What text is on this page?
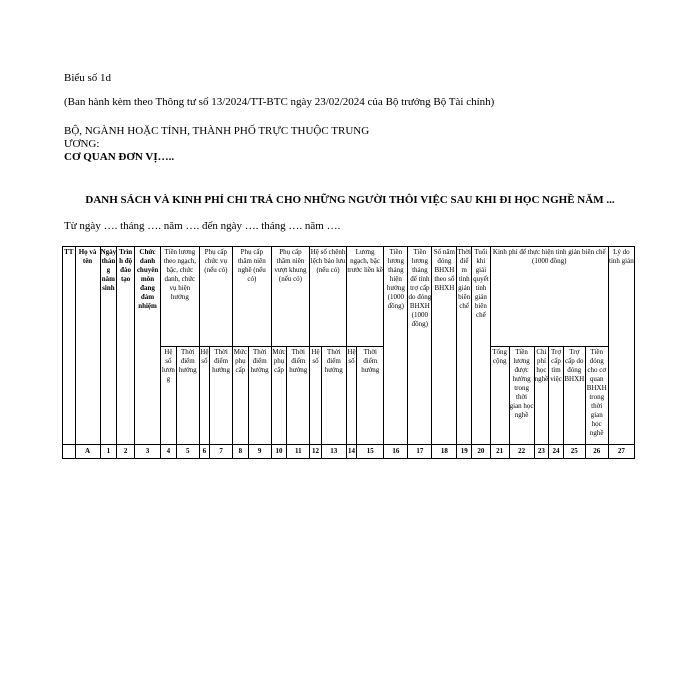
Biểu số 1d
(Ban hành kèm theo Thông tư số 13/2024/TT-BTC ngày 23/02/2024 của Bộ trưởng Bộ Tài chính)
BỘ, NGÀNH HOẶC TỈNH, THÀNH PHỐ TRỰC THUỘC TRUNG
ƯƠNG:
CƠ QUAN ĐƠN VỊ…..
DANH SÁCH VÀ KINH PHÍ CHI TRẢ CHO NHỮNG NGƯỜI THÔI VIỆC SAU KHI ĐI HỌC NGHỀ NĂM ...
Từ ngày …. tháng …. năm …. đến ngày …. tháng …. năm ….
TT	Họ và tên	Ngày tháng năm sinh	Trình độ đào tạo	Chức danh chuyên môn đang đảm nhiệm	Tiền lương theo ngạch, bậc, chức danh, chức vụ hiện hưởng		Phụ cấp chức vụ (nếu có)		Phụ cấp thâm niên nghề (nếu có)		Phụ cấp thâm niên vượt khung (nếu có)		Hệ số chênh lệch bảo lưu (nếu có)		Lương ngạch, bậc trước liền kề		Tiền lương tháng hiện hưởng (1000 đồng)	Tiền lương tháng để tính trợ cấp do đóng BHXH (1000 đồng)	Số năm đóng BHXH theo sổ BHXH	Thời điểm tinh giản biên chế	Tuổi khi giải quyết tinh giản biên chế	Kinh phí để thực hiện tinh giản biên chế (1000 đồng)						Lý do tinh giản
					Hệ số lương	Thời điểm hưởng	Hệ số	Thời điểm hưởng	Mức phụ cấp	Thời điểm hưởng	Mức phụ cấp	Thời điểm hưởng	Hệ số	Thời điểm hưởng	Hệ số	Thời điểm hưởng						Tổng cộng	Tiền lương được hưởng trong thời gian học nghề	Chi phí học nghề	Trợ cấp tìm việc	Trợ cấp do đóng BHXH	Tiền đóng cho cơ quan BHXH trong thời gian học nghề	
	A	1	2	3	4	5	6	7	8	9	10	11	12	13	14	15	16	17	18	19	20	21	22	23	24	25	26	27
